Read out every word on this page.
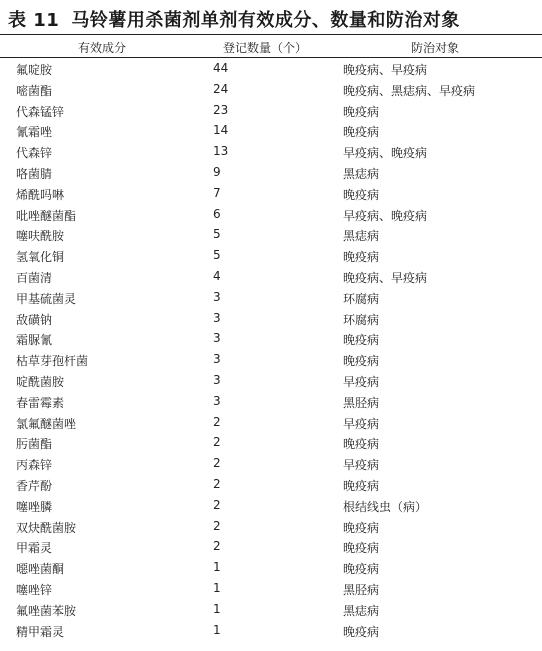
表 11 马铃薯用杀菌剂单剂有效成分、数量和防治对象
有效成分	登记数量（个）	防治对象
氟啶胺	44	晚疫病、早疫病
嘧菌酯	24	晚疫病、黑痣病、早疫病
代森锰锌	23	晚疫病
氰霜唑	14	晚疫病
代森锌	13	早疫病、晚疫病
咯菌腈	9	黑痣病
烯酰吗啉	7	晚疫病
吡唑醚菌酯	6	早疫病、晚疫病
噻呋酰胺	5	黑痣病
氢氧化铜	5	晚疫病
百菌清	4	晚疫病、早疫病
甲基硫菌灵	3	环腐病
敌磺钠	3	环腐病
霜脲氰	3	晚疫病
枯草芽孢杆菌	3	晚疫病
啶酰菌胺	3	早疫病
春雷霉素	3	黑胫病
氯氟醚菌唑	2	早疫病
肟菌酯	2	晚疫病
丙森锌	2	早疫病
香芹酚	2	晚疫病
噻唑膦	2	根结线虫（病）
双炔酰菌胺	2	晚疫病
甲霜灵	2	晚疫病
噁唑菌酮	1	晚疫病
噻唑锌	1	黑胫病
氟唑菌苯胺	1	黑痣病
精甲霜灵	1	晚疫病
